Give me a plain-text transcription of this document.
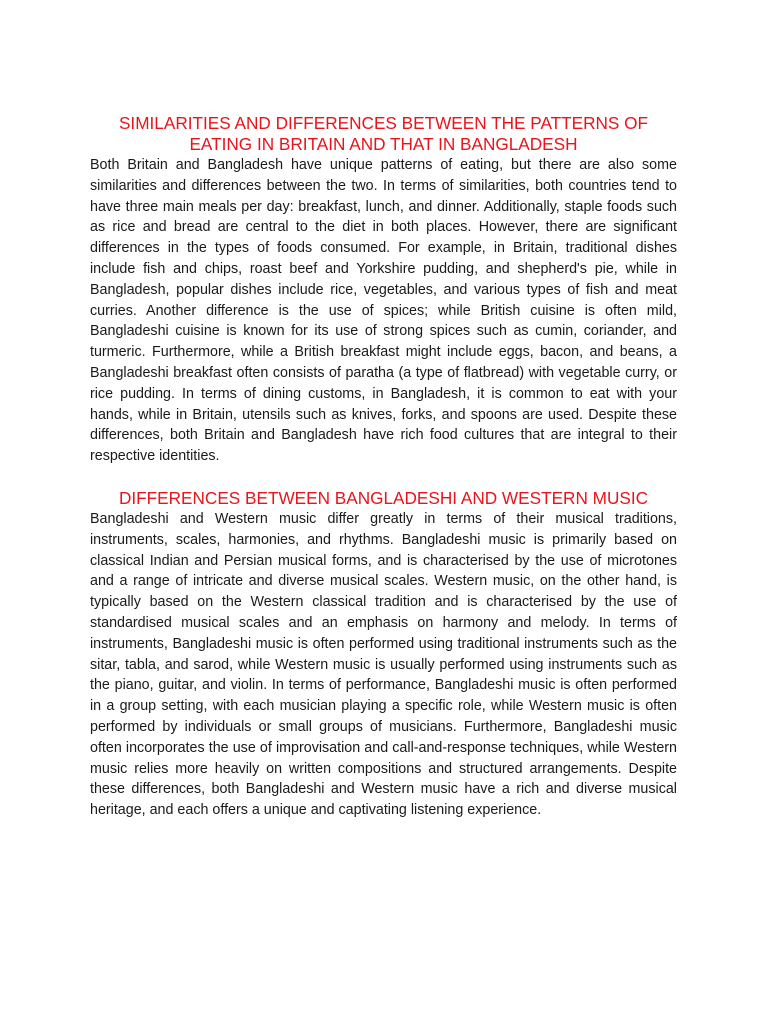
SIMILARITIES AND DIFFERENCES BETWEEN THE PATTERNS OF EATING IN BRITAIN AND THAT IN BANGLADESH

Both Britain and Bangladesh have unique patterns of eating, but there are also some similarities and differences between the two. In terms of similarities, both countries tend to have three main meals per day: breakfast, lunch, and dinner. Additionally, staple foods such as rice and bread are central to the diet in both places. However, there are significant differences in the types of foods consumed. For example, in Britain, traditional dishes include fish and chips, roast beef and Yorkshire pudding, and shepherd's pie, while in Bangladesh, popular dishes include rice, vegetables, and various types of fish and meat curries. Another difference is the use of spices; while British cuisine is often mild, Bangladeshi cuisine is known for its use of strong spices such as cumin, coriander, and turmeric. Furthermore, while a British breakfast might include eggs, bacon, and beans, a Bangladeshi breakfast often consists of paratha (a type of flatbread) with vegetable curry, or rice pudding. In terms of dining customs, in Bangladesh, it is common to eat with your hands, while in Britain, utensils such as knives, forks, and spoons are used. Despite these differences, both Britain and Bangladesh have rich food cultures that are integral to their respective identities.

DIFFERENCES BETWEEN BANGLADESHI AND WESTERN MUSIC

Bangladeshi and Western music differ greatly in terms of their musical traditions, instruments, scales, harmonies, and rhythms. Bangladeshi music is primarily based on classical Indian and Persian musical forms, and is characterised by the use of microtones and a range of intricate and diverse musical scales. Western music, on the other hand, is typically based on the Western classical tradition and is characterised by the use of standardised musical scales and an emphasis on harmony and melody. In terms of instruments, Bangladeshi music is often performed using traditional instruments such as the sitar, tabla, and sarod, while Western music is usually performed using instruments such as the piano, guitar, and violin. In terms of performance, Bangladeshi music is often performed in a group setting, with each musician playing a specific role, while Western music is often performed by individuals or small groups of musicians. Furthermore, Bangladeshi music often incorporates the use of improvisation and call-and-response techniques, while Western music relies more heavily on written compositions and structured arrangements. Despite these differences, both Bangladeshi and Western music have a rich and diverse musical heritage, and each offers a unique and captivating listening experience.
